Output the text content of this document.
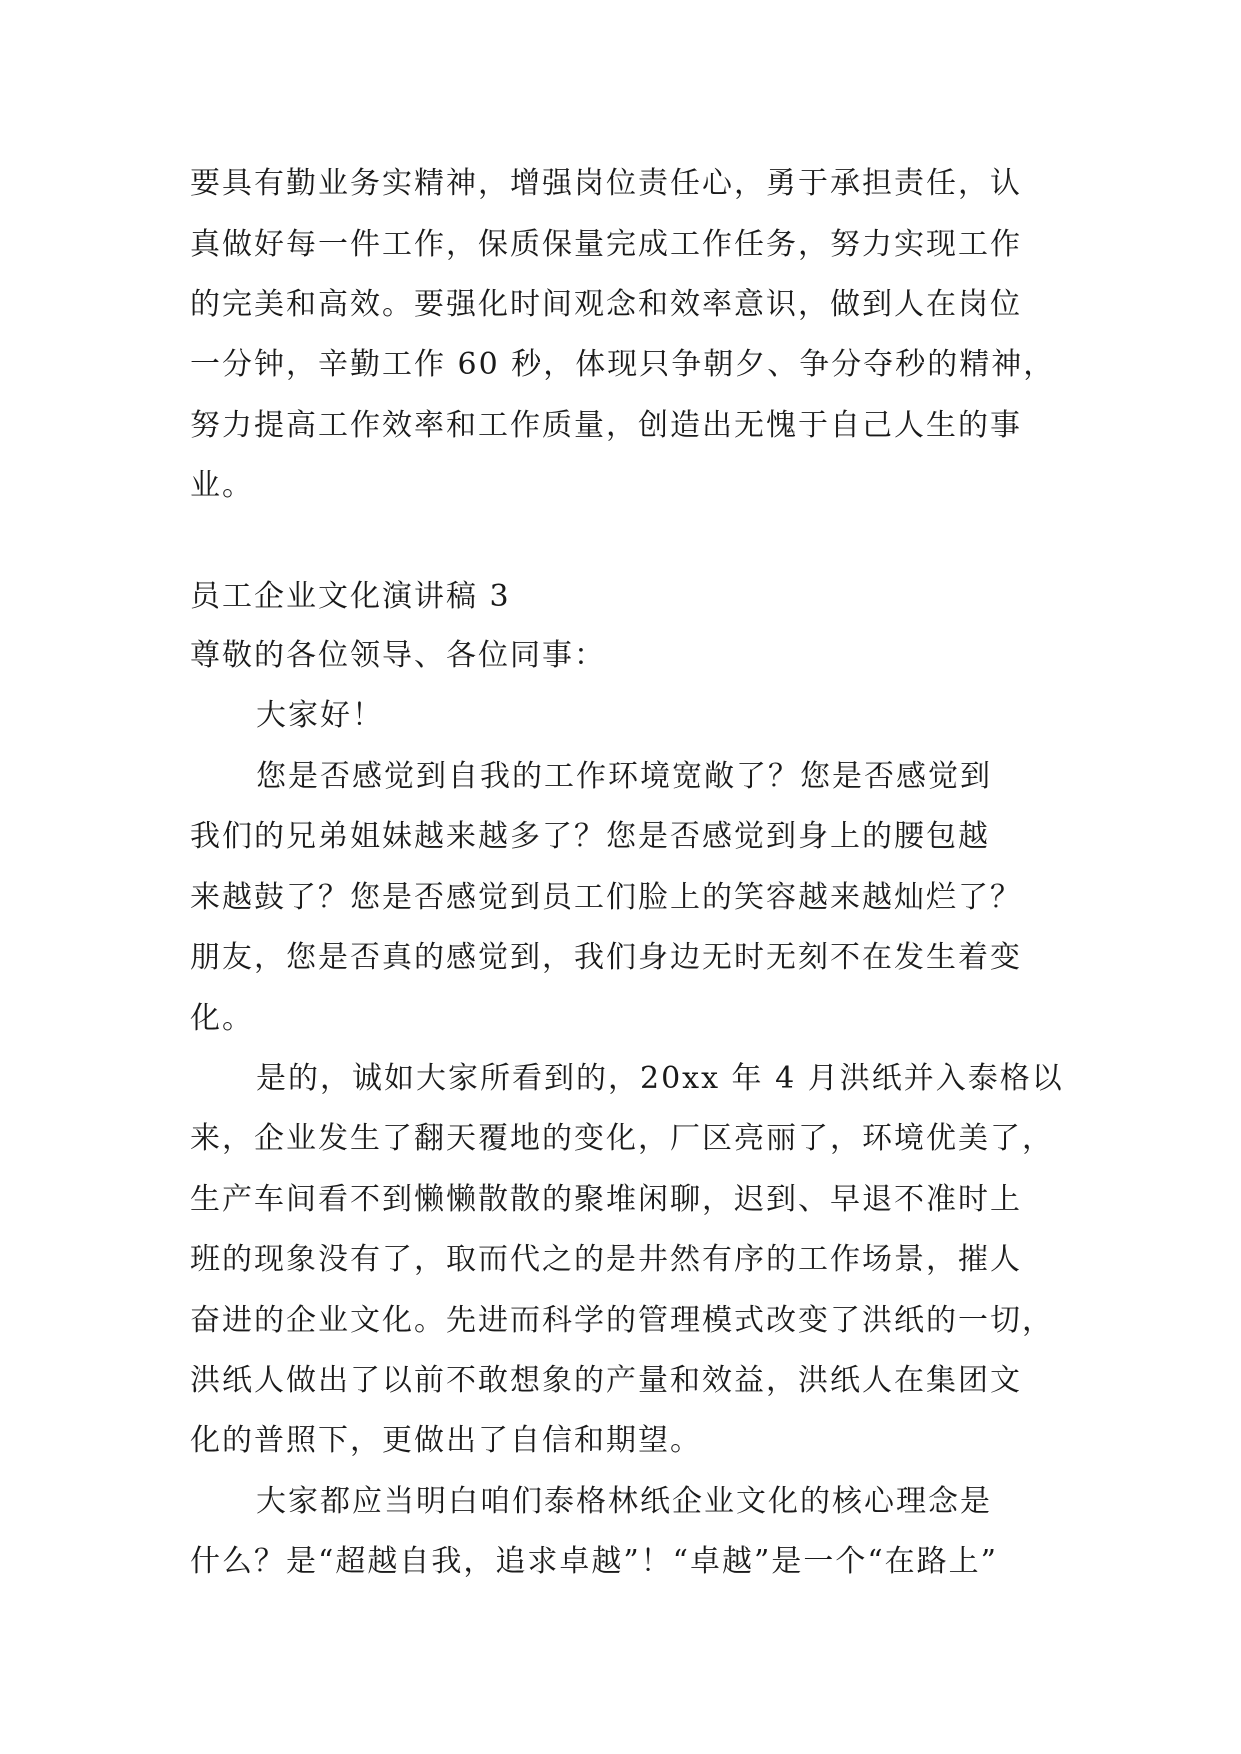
要具有勤业务实精神，增强岗位责任心，勇于承担责任，认
真做好每一件工作，保质保量完成工作任务，努力实现工作
的完美和高效。要强化时间观念和效率意识，做到人在岗位
一分钟，辛勤工作 60 秒，体现只争朝夕、争分夺秒的精神，
努力提高工作效率和工作质量，创造出无愧于自己人生的事
业。
员工企业文化演讲稿 3
尊敬的各位领导、各位同事：
大家好！
您是否感觉到自我的工作环境宽敞了？您是否感觉到
我们的兄弟姐妹越来越多了？您是否感觉到身上的腰包越
来越鼓了？您是否感觉到员工们脸上的笑容越来越灿烂了？
朋友，您是否真的感觉到，我们身边无时无刻不在发生着变
化。
是的，诚如大家所看到的，20xx 年 4 月洪纸并入泰格以
来，企业发生了翻天覆地的变化，厂区亮丽了，环境优美了，
生产车间看不到懒懒散散的聚堆闲聊，迟到、早退不准时上
班的现象没有了，取而代之的是井然有序的工作场景，摧人
奋进的企业文化。先进而科学的管理模式改变了洪纸的一切，
洪纸人做出了以前不敢想象的产量和效益，洪纸人在集团文
化的普照下，更做出了自信和期望。
大家都应当明白咱们泰格林纸企业文化的核心理念是
什么？是“超越自我，追求卓越”！“卓越”是一个“在路上”
